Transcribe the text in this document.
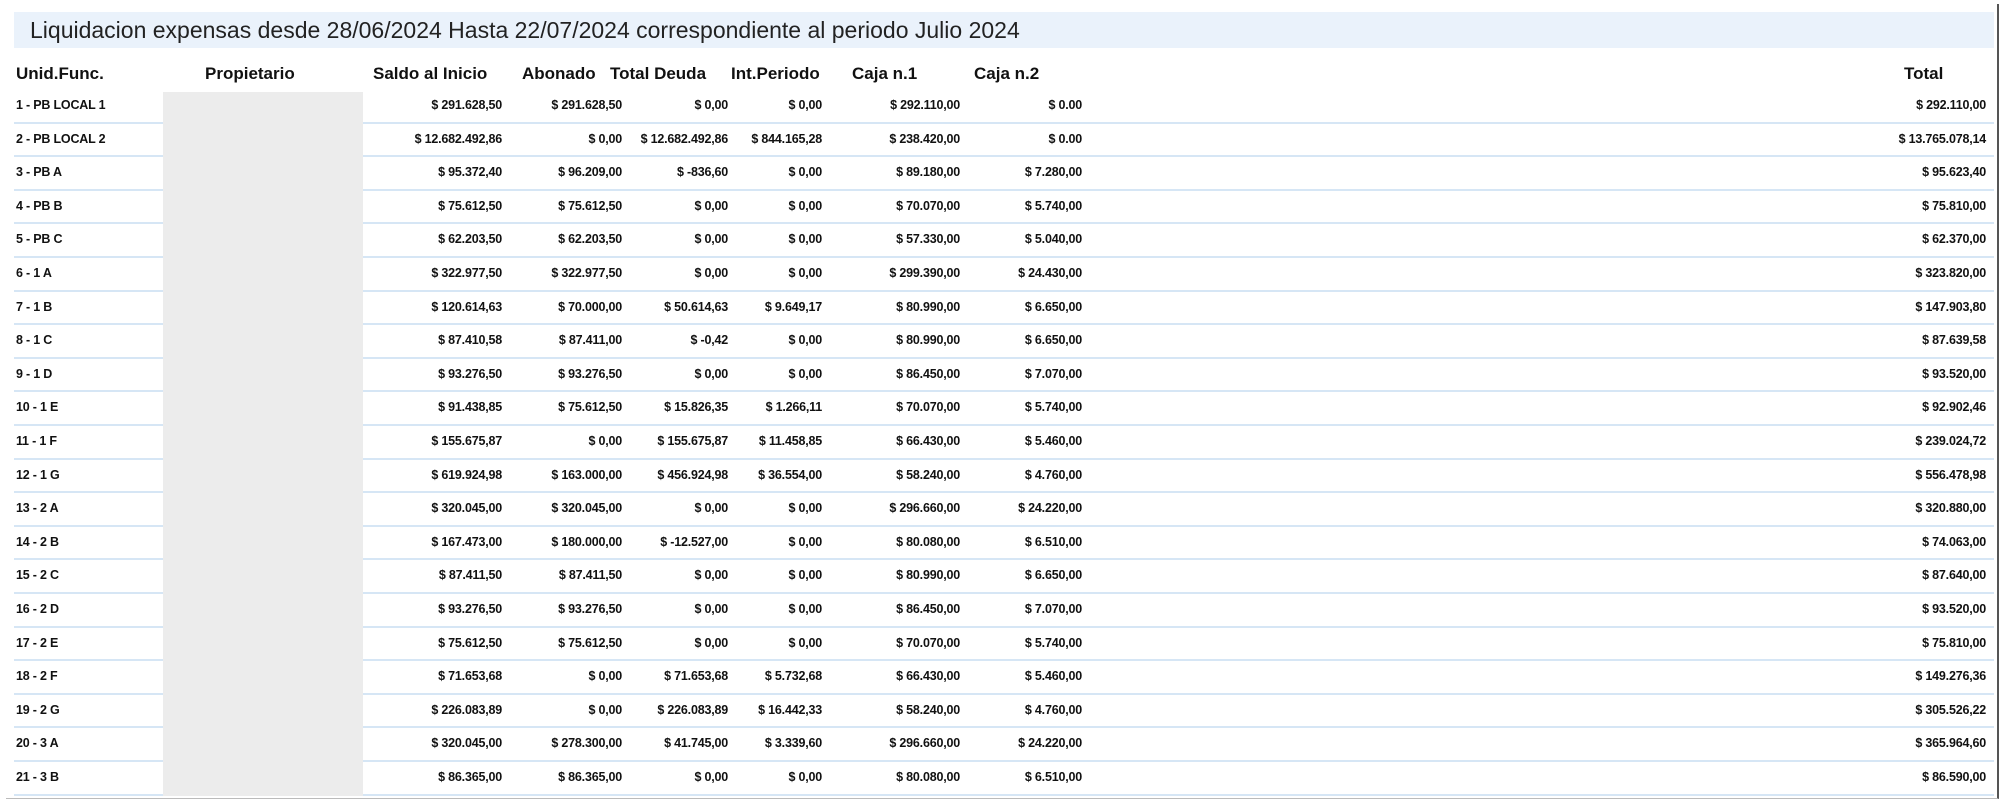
Liquidacion expensas desde 28/06/2024 Hasta 22/07/2024 correspondiente al periodo Julio 2024
Unid.Func.	Propietario	Saldo al Inicio Abonado Total Deuda Int.Periodo Caja n.1	Caja n.2	Total
1 - PB LOCAL 1	$ 291.628,50	$ 291.628,50	$ 0,00	$ 0,00	$ 292.110,00	$ 0.00	$ 292.110,00
2 - PB LOCAL 2	$ 12.682.492,86	$ 0,00 $ 12.682.492,86 $ 844.165,28	$ 238.420,00	$ 0.00	$ 13.765.078,14
3 - PB A	$ 95.372,40	$ 96.209,00	$ -836,60	$ 0,00	$ 89.180,00	$ 7.280,00	$ 95.623,40
4 - PB B	$ 75.612,50	$ 75.612,50	$ 0,00	$ 0,00	$ 70.070,00	$ 5.740,00	$ 75.810,00
5 - PB C	$ 62.203,50	$ 62.203,50	$ 0,00	$ 0,00	$ 57.330,00	$ 5.040,00	$ 62.370,00
6 - 1 A	$ 322.977,50	$ 322.977,50	$ 0,00	$ 0,00	$ 299.390,00	$ 24.430,00	$ 323.820,00
7 - 1 B	$ 120.614,63	$ 70.000,00	$ 50.614,63	$ 9.649,17	$ 80.990,00	$ 6.650,00	$ 147.903,80
8 - 1 C	$ 87.410,58	$ 87.411,00	$ -0,42	$ 0,00	$ 80.990,00	$ 6.650,00	$ 87.639,58
9 - 1 D	$ 93.276,50	$ 93.276,50	$ 0,00	$ 0,00	$ 86.450,00	$ 7.070,00	$ 93.520,00
10 - 1 E	$ 91.438,85	$ 75.612,50	$ 15.826,35	$ 1.266,11	$ 70.070,00	$ 5.740,00	$ 92.902,46
11 - 1 F	$ 155.675,87	$ 0,00	$ 155.675,87 $ 11.458,85	$ 66.430,00	$ 5.460,00	$ 239.024,72
12 - 1 G	$ 619.924,98	$ 163.000,00	$ 456.924,98 $ 36.554,00	$ 58.240,00	$ 4.760,00	$ 556.478,98
13 - 2 A	$ 320.045,00	$ 320.045,00	$ 0,00	$ 0,00	$ 296.660,00	$ 24.220,00	$ 320.880,00
14 - 2 B	$ 167.473,00	$ 180.000,00	$ -12.527,00	$ 0,00	$ 80.080,00	$ 6.510,00	$ 74.063,00
15 - 2 C	$ 87.411,50	$ 87.411,50	$ 0,00	$ 0,00	$ 80.990,00	$ 6.650,00	$ 87.640,00
16 - 2 D	$ 93.276,50	$ 93.276,50	$ 0,00	$ 0,00	$ 86.450,00	$ 7.070,00	$ 93.520,00
17 - 2 E	$ 75.612,50	$ 75.612,50	$ 0,00	$ 0,00	$ 70.070,00	$ 5.740,00	$ 75.810,00
18 - 2 F	$ 71.653,68	$ 0,00	$ 71.653,68	$ 5.732,68	$ 66.430,00	$ 5.460,00	$ 149.276,36
19 - 2 G	$ 226.083,89	$ 0,00	$ 226.083,89 $ 16.442,33	$ 58.240,00	$ 4.760,00	$ 305.526,22
20 - 3 A	$ 320.045,00	$ 278.300,00	$ 41.745,00	$ 3.339,60	$ 296.660,00	$ 24.220,00	$ 365.964,60
21 - 3 B	$ 86.365,00	$ 86.365,00	$ 0,00	$ 0,00	$ 80.080,00	$ 6.510,00	$ 86.590,00
